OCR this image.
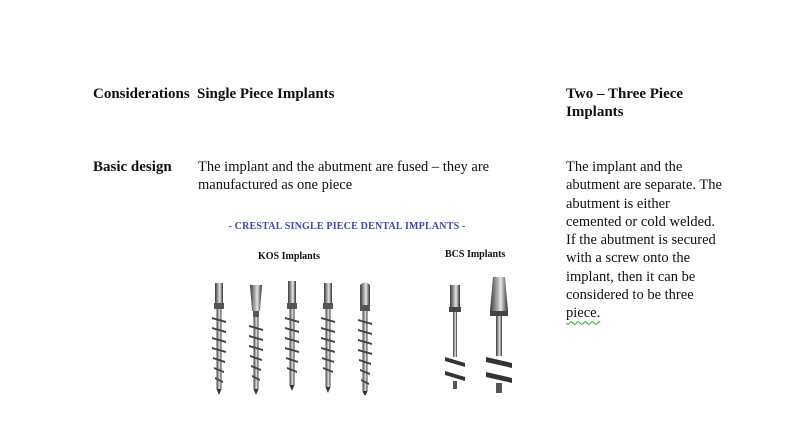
Considerations Single Piece Implants	Two – Three Piece Implants
Basic design The implant and the abutment are fused – they are manufactured as one piece
The implant and the abutment are separate. The abutment is either cemented or cold welded. If the abutment is secured with a screw onto the implant, then it can be considered to be three piece.
- CRESTAL SINGLE PIECE DENTAL IMPLANTS -
KOS Implants	BCS Implants
